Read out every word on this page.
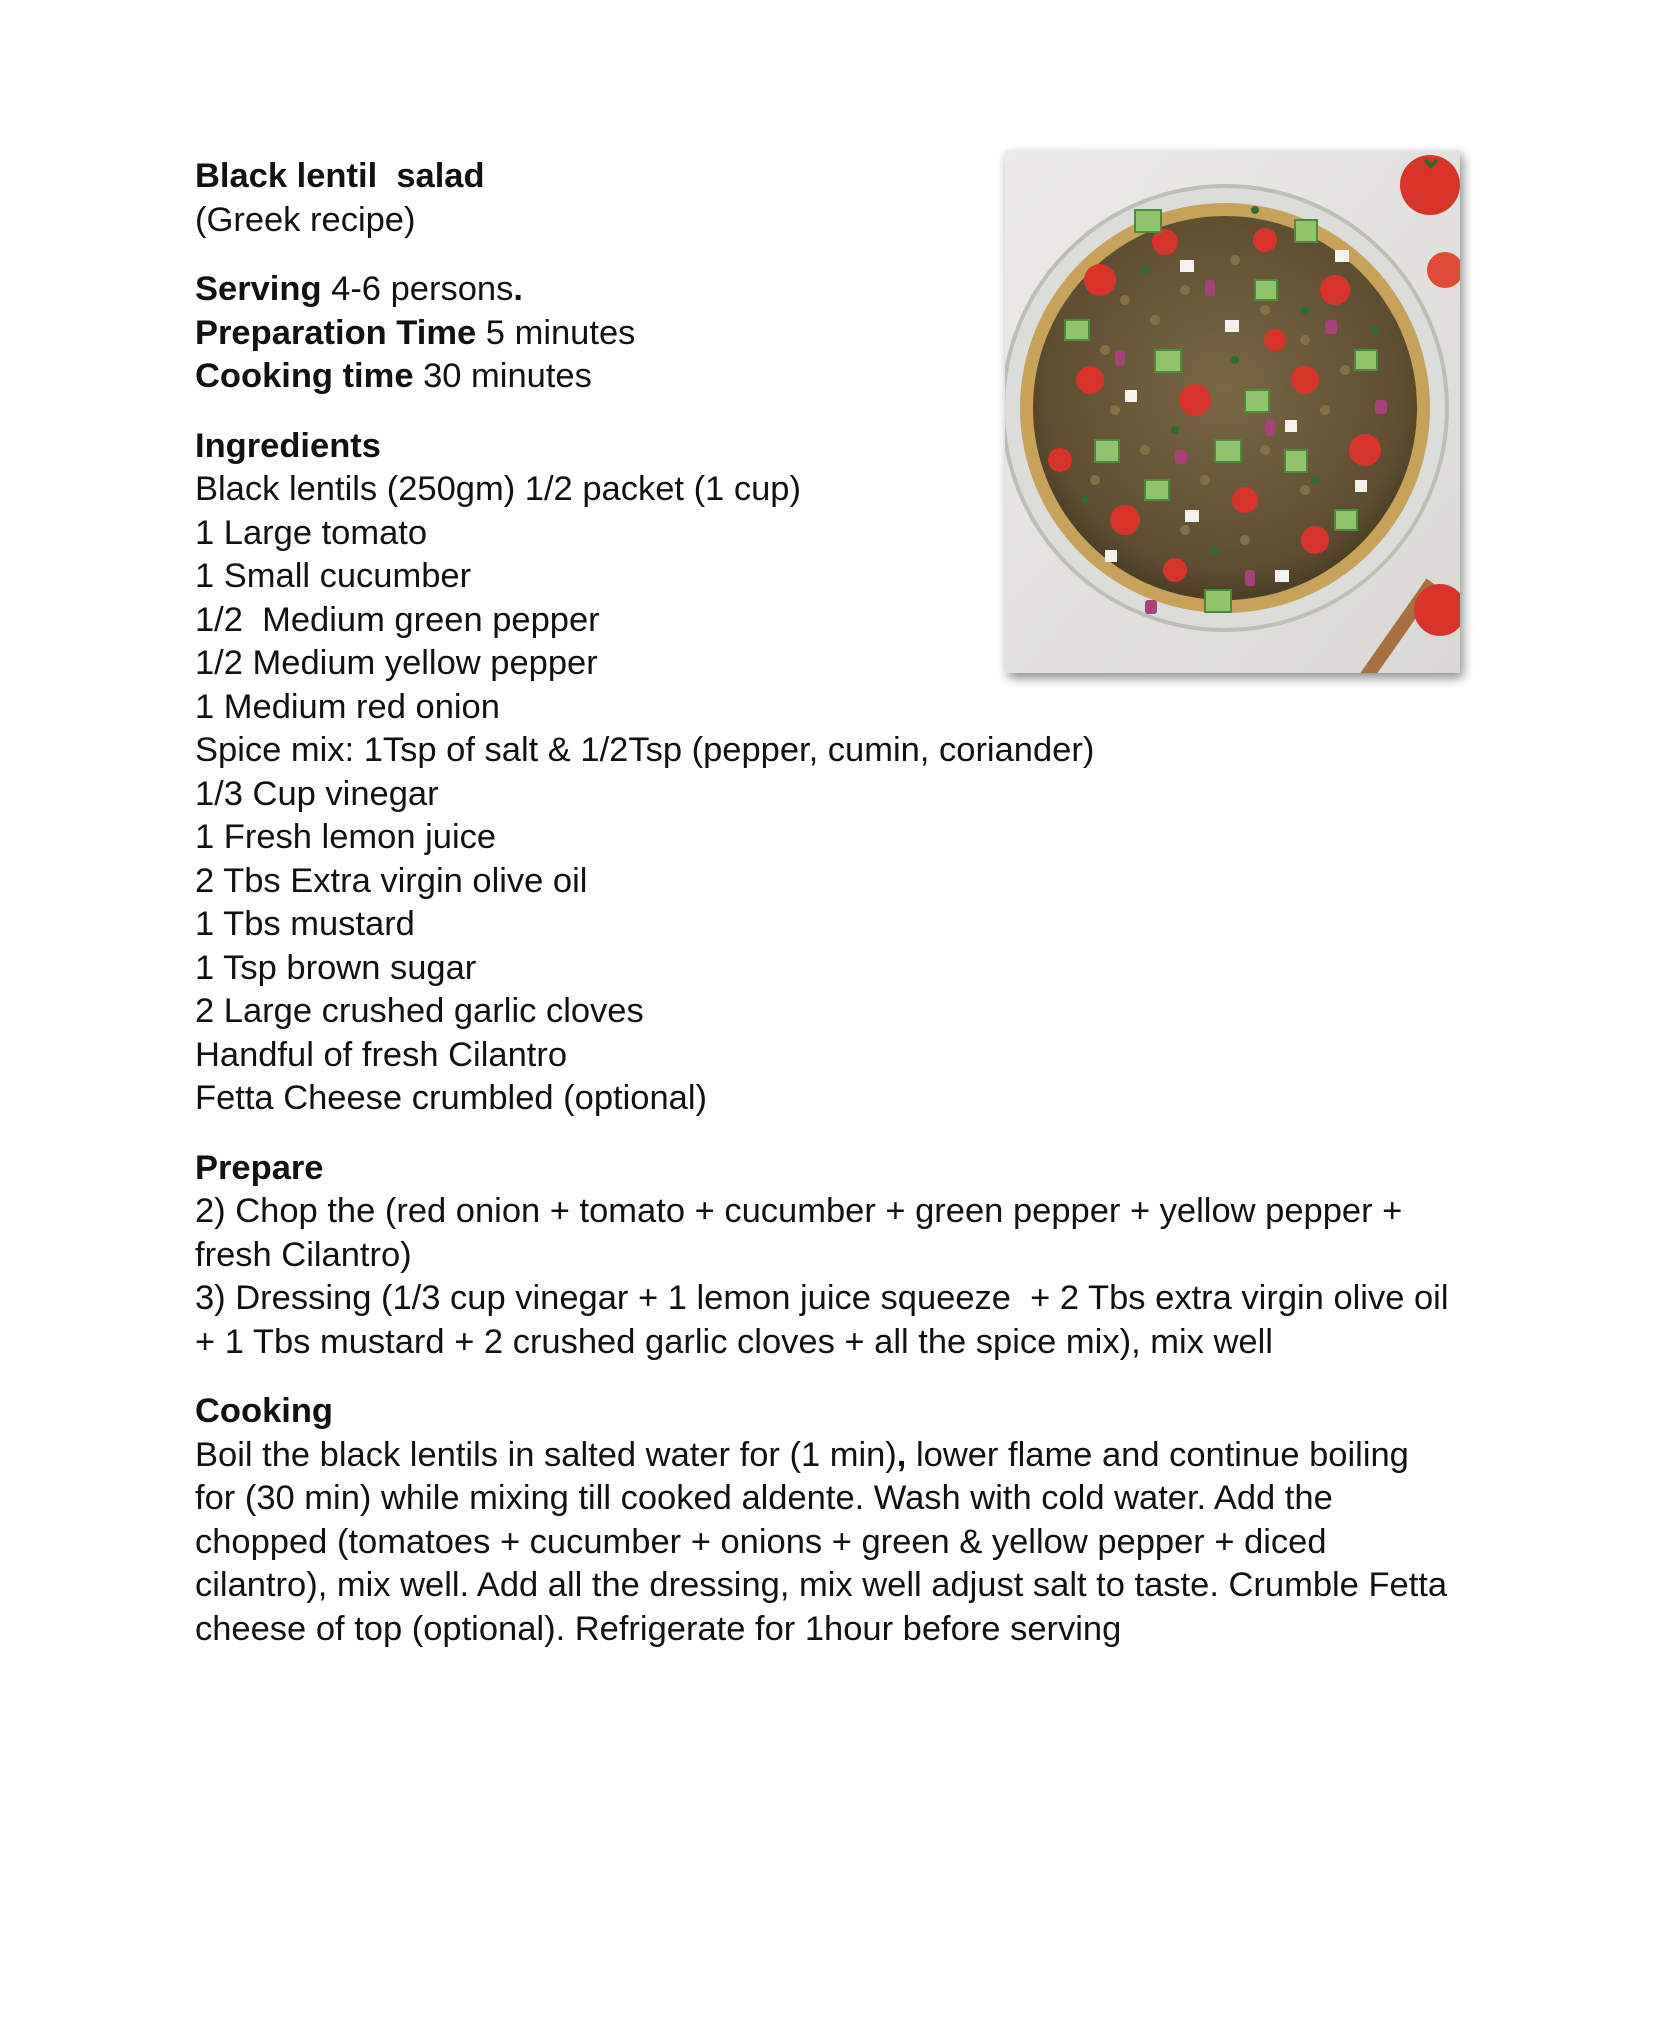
Black lentil  salad
(Greek recipe)
Serving 4-6 persons.
Preparation Time 5 minutes
Cooking time 30 minutes
Ingredients
Black lentils (250gm) 1/2 packet (1 cup)
1 Large tomato
1 Small cucumber
1/2  Medium green pepper
1/2 Medium yellow pepper
1 Medium red onion
Spice mix: 1Tsp of salt & 1/2Tsp (pepper, cumin, coriander)
1/3 Cup vinegar
1 Fresh lemon juice
2 Tbs Extra virgin olive oil
1 Tbs mustard
1 Tsp brown sugar
2 Large crushed garlic cloves
Handful of fresh Cilantro
Fetta Cheese crumbled (optional)
Prepare
2) Chop the (red onion + tomato + cucumber + green pepper + yellow pepper + fresh Cilantro)
3) Dressing (1/3 cup vinegar + 1 lemon juice squeeze  + 2 Tbs extra virgin olive oil + 1 Tbs mustard + 2 crushed garlic cloves + all the spice mix), mix well
Cooking
Boil the black lentils in salted water for (1 min), lower flame and continue boiling for (30 min) while mixing till cooked aldente. Wash with cold water. Add the chopped (tomatoes + cucumber + onions + green & yellow pepper + diced cilantro), mix well. Add all the dressing, mix well adjust salt to taste. Crumble Fetta cheese of top (optional). Refrigerate for 1hour before serving
